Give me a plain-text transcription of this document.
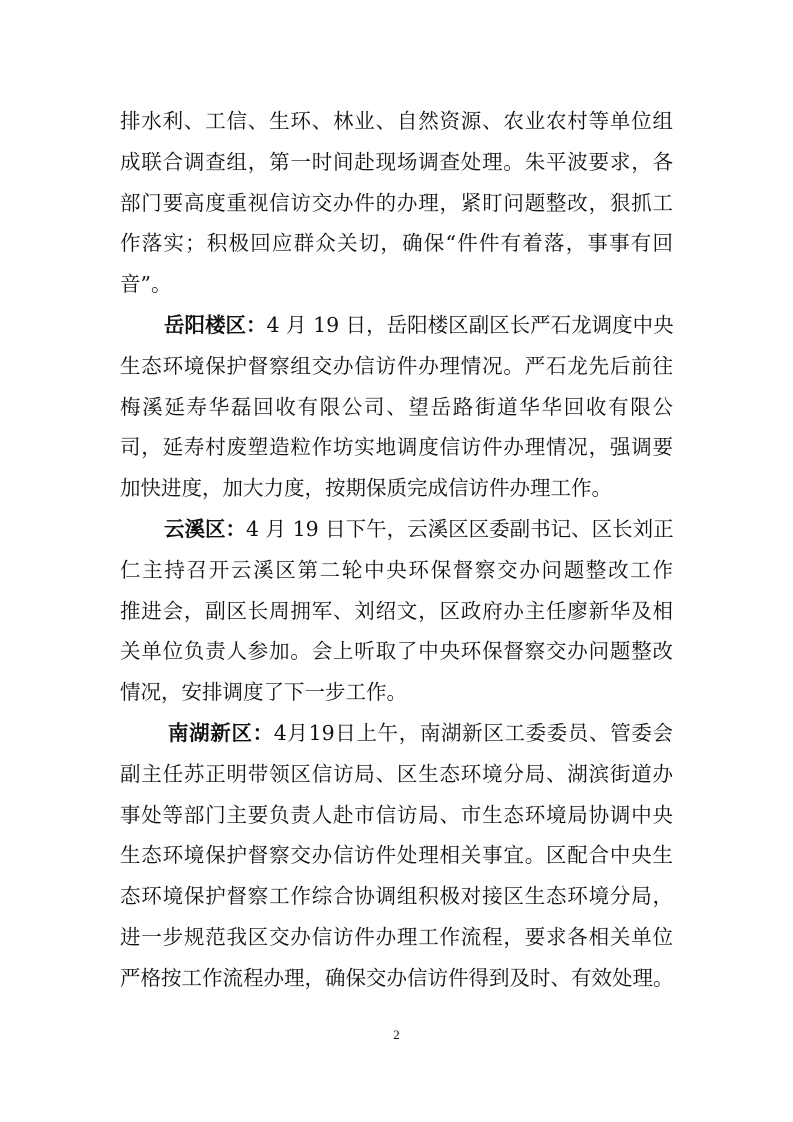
排水利、工信、生环、林业、自然资源、农业农村等单位组
成联合调查组，第一时间赴现场调查处理。朱平波要求，各
部门要高度重视信访交办件的办理，紧盯问题整改，狠抓工
作落实；积极回应群众关切，确保“件件有着落，事事有回
音”。
岳阳楼区：4 月 19 日，岳阳楼区副区长严石龙调度中央
生态环境保护督察组交办信访件办理情况。严石龙先后前往
梅溪延寿华磊回收有限公司、望岳路街道华华回收有限公
司，延寿村废塑造粒作坊实地调度信访件办理情况，强调要
加快进度，加大力度，按期保质完成信访件办理工作。
云溪区：4 月 19 日下午，云溪区区委副书记、区长刘正
仁主持召开云溪区第二轮中央环保督察交办问题整改工作
推进会，副区长周拥军、刘绍文，区政府办主任廖新华及相
关单位负责人参加。会上听取了中央环保督察交办问题整改
情况，安排调度了下一步工作。
南湖新区：4月19日上午，南湖新区工委委员、管委会
副主任苏正明带领区信访局、区生态环境分局、湖滨街道办
事处等部门主要负责人赴市信访局、市生态环境局协调中央
生态环境保护督察交办信访件处理相关事宜。区配合中央生
态环境保护督察工作综合协调组积极对接区生态环境分局，
进一步规范我区交办信访件办理工作流程，要求各相关单位
严格按工作流程办理，确保交办信访件得到及时、有效处理。
2
